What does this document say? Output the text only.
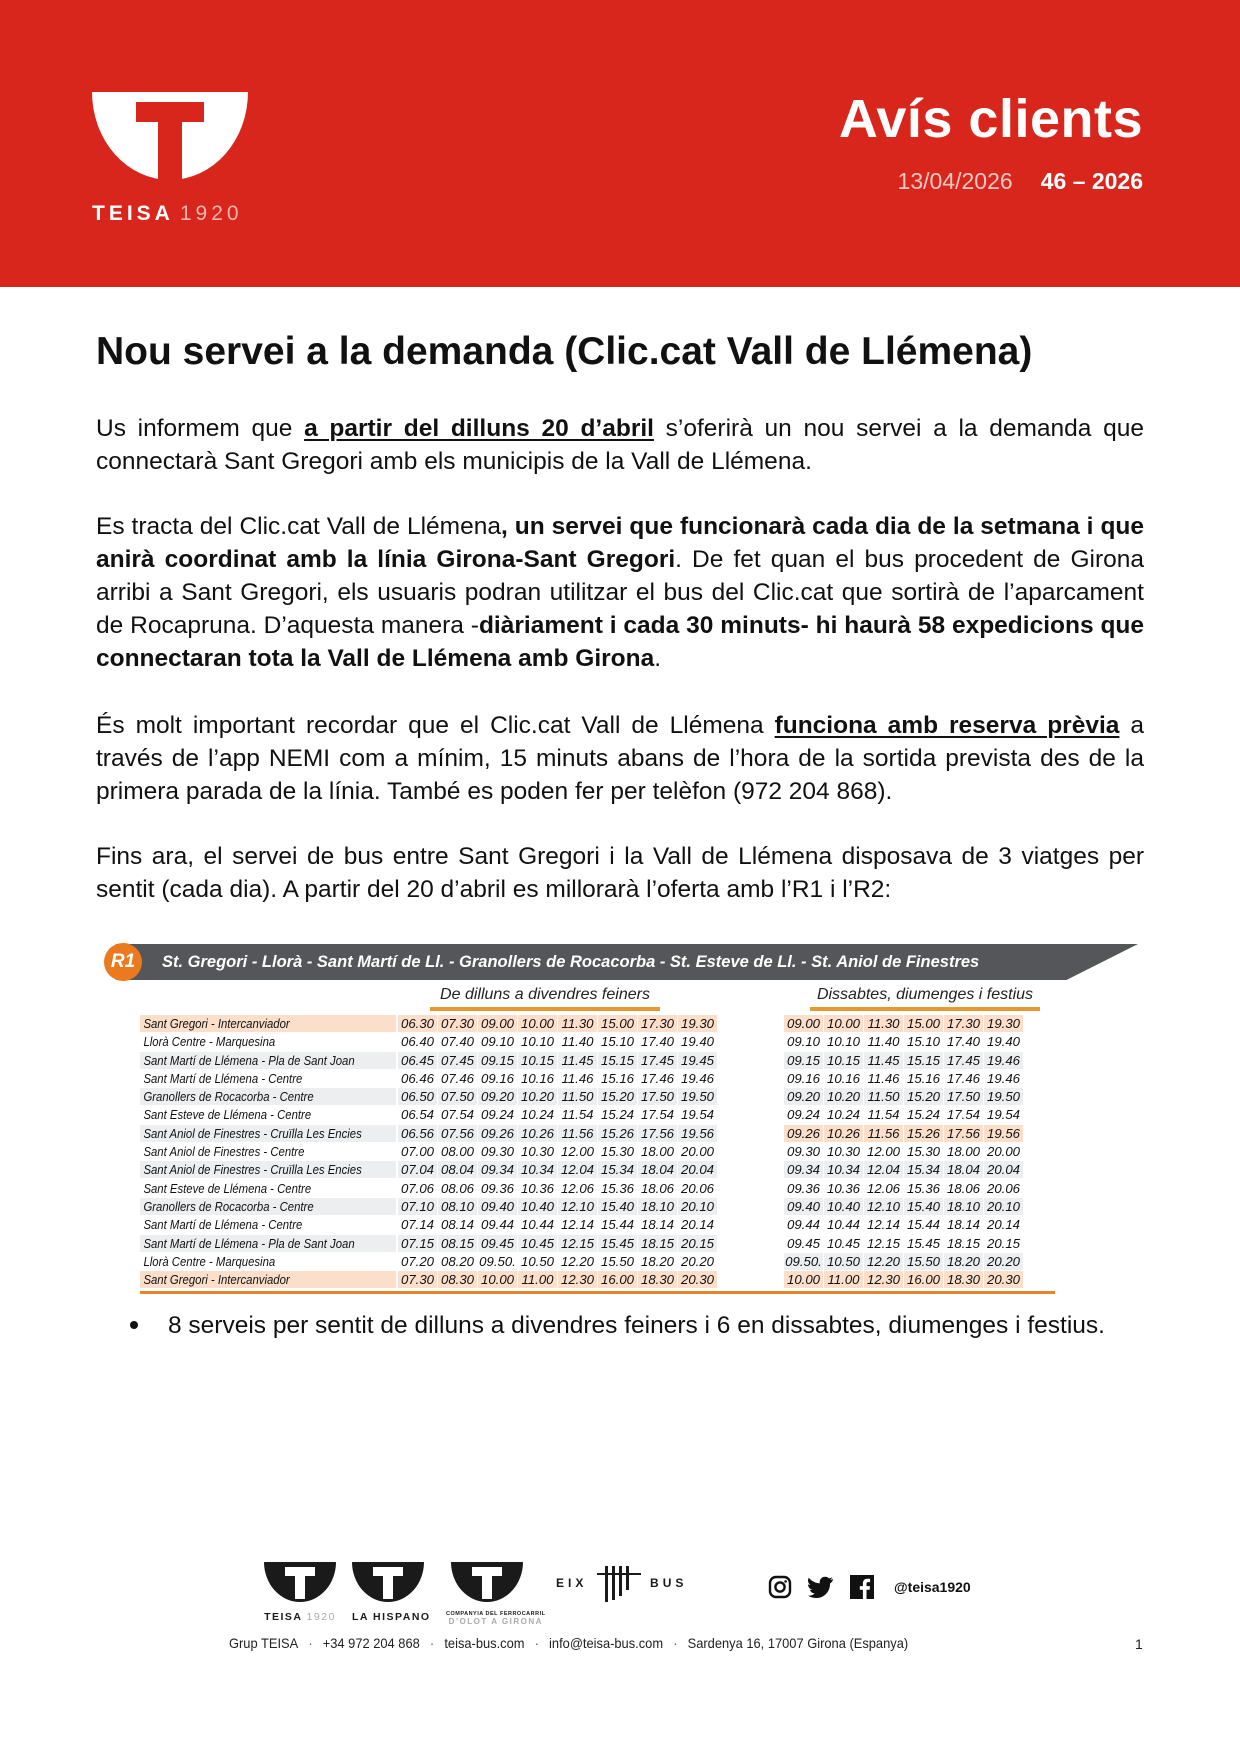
TEISA 1920
Avís clients
13/04/2026 46 – 2026
Nou servei a la demanda (Clic.cat Vall de Llémena)
Us informem que a partir del dilluns 20 d’abril s’oferirà un nou servei a la demanda que connectarà Sant Gregori amb els municipis de la Vall de Llémena.
Es tracta del Clic.cat Vall de Llémena, un servei que funcionarà cada dia de la setmana i que anirà coordinat amb la línia Girona-Sant Gregori. De fet quan el bus procedent de Girona arribi a Sant Gregori, els usuaris podran utilitzar el bus del Clic.cat que sortirà de l’aparcament de Rocapruna. D’aquesta manera -diàriament i cada 30 minuts- hi haurà 58 expedicions que connectaran tota la Vall de Llémena amb Girona.
És molt important recordar que el Clic.cat Vall de Llémena funciona amb reserva prèvia a través de l’app NEMI com a mínim, 15 minuts abans de l’hora de la sortida prevista des de la primera parada de la línia. També es poden fer per telèfon (972 204 868).
Fins ara, el servei de bus entre Sant Gregori i la Vall de Llémena disposava de 3 viatges per sentit (cada dia). A partir del 20 d’abril es millorarà l’oferta amb l’R1 i l’R2:
R1	St. Gregori - Llorà - Sant Martí de Ll. - Granollers de Rocacorba - St. Esteve de Ll. - St. Aniol de Finestres
De dilluns a divendres feiners	Dissabtes, diumenges i festius
Sant Gregori - Intercanviador	06.30 07.30 09.00 10.00 11.30 15.00 17.30 19.30	09.00 10.00 11.30 15.00 17.30 19.30
Llorà Centre - Marquesina	06.40 07.40 09.10 10.10 11.40 15.10 17.40 19.40	09.10 10.10 11.40 15.10 17.40 19.40
Sant Martí de Llémena - Pla de Sant Joan	06.45 07.45 09.15 10.15 11.45 15.15 17.45 19.45	09.15 10.15 11.45 15.15 17.45 19.46
Sant Martí de Llémena - Centre	06.46 07.46 09.16 10.16 11.46 15.16 17.46 19.46	09.16 10.16 11.46 15.16 17.46 19.46
Granollers de Rocacorba - Centre	06.50 07.50 09.20 10.20 11.50 15.20 17.50 19.50	09.20 10.20 11.50 15.20 17.50 19.50
Sant Esteve de Llémena - Centre	06.54 07.54 09.24 10.24 11.54 15.24 17.54 19.54	09.24 10.24 11.54 15.24 17.54 19.54
Sant Aniol de Finestres - Cruïlla Les Encies	06.56 07.56 09.26 10.26 11.56 15.26 17.56 19.56	09.26 10.26 11.56 15.26 17.56 19.56
Sant Aniol de Finestres - Centre	07.00 08.00 09.30 10.30 12.00 15.30 18.00 20.00	09.30 10.30 12.00 15.30 18.00 20.00
Sant Aniol de Finestres - Cruïlla Les Encies	07.04 08.04 09.34 10.34 12.04 15.34 18.04 20.04	09.34 10.34 12.04 15.34 18.04 20.04
Sant Esteve de Llémena - Centre	07.06 08.06 09.36 10.36 12.06 15.36 18.06 20.06	09.36 10.36 12.06 15.36 18.06 20.06
Granollers de Rocacorba - Centre	07.10 08.10 09.40 10.40 12.10 15.40 18.10 20.10	09.40 10.40 12.10 15.40 18.10 20.10
Sant Martí de Llémena - Centre	07.14 08.14 09.44 10.44 12.14 15.44 18.14 20.14	09.44 10.44 12.14 15.44 18.14 20.14
Sant Martí de Llémena - Pla de Sant Joan	07.15 08.15 09.45 10.45 12.15 15.45 18.15 20.15	09.45 10.45 12.15 15.45 18.15 20.15
Llorà Centre - Marquesina	07.20 08.20 09.50. 10.50 12.20 15.50 18.20 20.20	09.50. 10.50 12.20 15.50 18.20 20.20
Sant Gregori - Intercanviador	07.30 08.30 10.00 11.00 12.30 16.00 18.30 20.30	10.00 11.00 12.30 16.00 18.30 20.30
8 serveis per sentit de dilluns a divendres feiners i 6 en dissabtes, diumenges i festius.
TEISA 1920 LA HISPANO	COMPANYIA DEL FERROCARRIL
D’OLOT A GIRONA
EIX	BUS	@teisa1920
Grup TEISA · +34 972 204 868 · teisa-bus.com · info@teisa-bus.com · Sardenya 16, 17007 Girona (Espanya)	1
